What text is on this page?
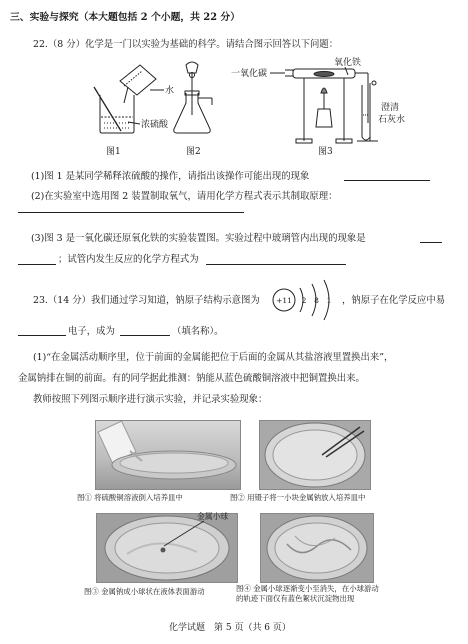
三、实验与探究（本大题包括 2 个小题，共 22 分）
22.（8 分）化学是一门以实验为基础的科学。请结合图示回答以下问题：
水
浓硫酸
一氧化碳
氧化铁
澄清
石灰水
图1	图2	图3
(1)图 1 是某同学稀释浓硫酸的操作，请指出该操作可能出现的现象
(2)在实验室中选用图 2 装置制取氧气，请用化学方程式表示其制取原理：
(3)图 3 是一氧化碳还原氧化铁的实验装置图。实验过程中玻璃管内出现的现象是
；试管内发生反应的化学方程式为
23.（14 分）我们通过学习知道，钠原子结构示意图为 +11 2 8 1 ，钠原子在化学反应中易
电子，成为	（填名称）。
(1)“在金属活动顺序里，位于前面的金属能把位于后面的金属从其盐溶液里置换出来”，
金属钠排在铜的前面。有的同学据此推测：钠能从蓝色硫酸铜溶液中把铜置换出来。
教师按照下列图示顺序进行演示实验，并记录实验现象：
图① 将硫酸铜溶液倒入培养皿中	图② 用镊子将一小块金属钠放入培养皿中
金属小球
图③ 金属钠成小球状在液体表面游动	图④ 金属小球逐渐变小至消失，在小球游动的轨迹下面仅有蓝色絮状沉淀物出现
化学试题　第 5 页（共 6 页）
